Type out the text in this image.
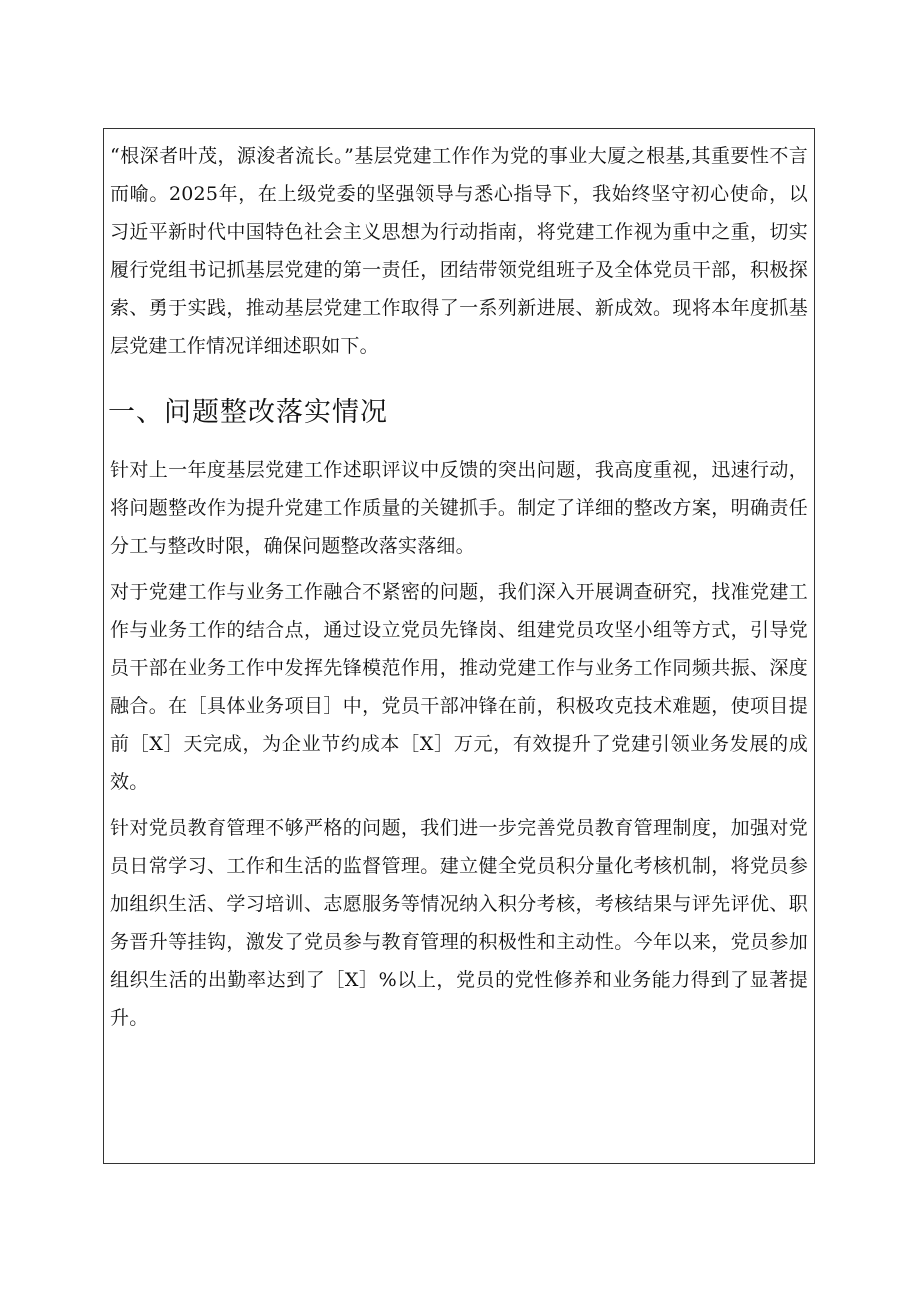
“根深者叶茂，源浚者流长。”基层党建工作作为党的事业大厦之根基,其重要性不言而喻。2025年，在上级党委的坚强领导与悉心指导下，我始终坚守初心使命，以习近平新时代中国特色社会主义思想为行动指南，将党建工作视为重中之重，切实履行党组书记抓基层党建的第一责任，团结带领党组班子及全体党员干部，积极探索、勇于实践，推动基层党建工作取得了一系列新进展、新成效。现将本年度抓基层党建工作情况详细述职如下。

一、问题整改落实情况

针对上一年度基层党建工作述职评议中反馈的突出问题，我高度重视，迅速行动，将问题整改作为提升党建工作质量的关键抓手。制定了详细的整改方案，明确责任分工与整改时限，确保问题整改落实落细。

对于党建工作与业务工作融合不紧密的问题，我们深入开展调查研究，找准党建工作与业务工作的结合点，通过设立党员先锋岗、组建党员攻坚小组等方式，引导党员干部在业务工作中发挥先锋模范作用，推动党建工作与业务工作同频共振、深度融合。在［具体业务项目］中，党员干部冲锋在前，积极攻克技术难题，使项目提前［X］天完成，为企业节约成本［X］万元，有效提升了党建引领业务发展的成效。

针对党员教育管理不够严格的问题，我们进一步完善党员教育管理制度，加强对党员日常学习、工作和生活的监督管理。建立健全党员积分量化考核机制，将党员参加组织生活、学习培训、志愿服务等情况纳入积分考核，考核结果与评先评优、职务晋升等挂钩，激发了党员参与教育管理的积极性和主动性。今年以来，党员参加组织生活的出勤率达到了［X］%以上，党员的党性修养和业务能力得到了显著提升。
